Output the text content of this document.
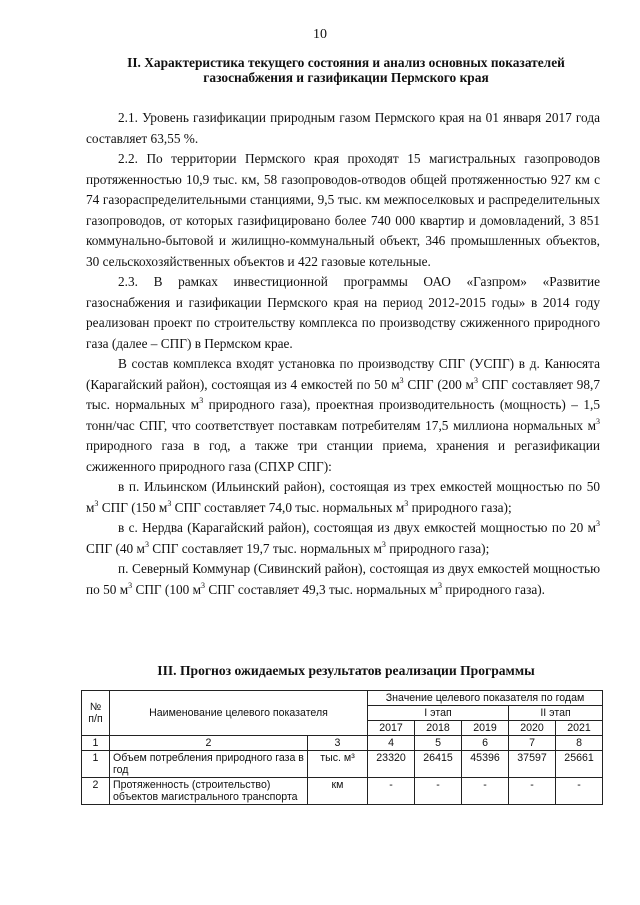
10
II. Характеристика текущего состояния и анализ основных показателей
газоснабжения и газификации Пермского края

2.1. Уровень газификации природным газом Пермского края на 01 января 2017 года составляет 63,55 %.

2.2. По территории Пермского края проходят 15 магистральных газопроводов протяженностью 10,9 тыс. км, 58 газопроводов-отводов общей протяженностью 927 км с 74 газораспределительными станциями, 9,5 тыс. км межпоселковых и распределительных газопроводов, от которых газифицировано более 740 000 квартир и домовладений, 3 851 коммунально-бытовой и жилищно-коммунальный объект, 346 промышленных объектов, 30 сельскохозяйственных объектов и 422 газовые котельные.

2.3. В рамках инвестиционной программы ОАО «Газпром» «Развитие газоснабжения и газификации Пермского края на период 2012-2015 годы» в 2014 году реализован проект по строительству комплекса по производству сжиженного природного газа (далее – СПГ) в Пермском крае.

В состав комплекса входят установка по производству СПГ (УСПГ) в д. Канюсята (Карагайский район), состоящая из 4 емкостей по 50 $м^3$ СПГ (200 $м^3$ СПГ составляет 98,7 тыс. нормальных $м^3$ природного газа), проектная производительность (мощность) – 1,5 тонн/час СПГ, что соответствует поставкам потребителям 17,5 миллиона нормальных $м^3$ природного газа в год, а также три станции приема, хранения и регазификации сжиженного природного газа (СПХР СПГ):

в п. Ильинском (Ильинский район), состоящая из трех емкостей мощностью по 50 $м^3$ СПГ (150 $м^3$ СПГ составляет 74,0 тыс. нормальных $м^3$ природного газа);

в с. Нердва (Карагайский район), состоящая из двух емкостей мощностью по 20 $м^3$ СПГ (40 $м^3$ СПГ составляет 19,7 тыс. нормальных $м^3$ природного газа);

п. Северный Коммунар (Сивинский район), состоящая из двух емкостей мощностью по 50 $м^3$ СПГ (100 $м^3$ СПГ составляет 49,3 тыс. нормальных $м^3$ природного газа).

III. Прогноз ожидаемых результатов реализации Программы
№ п/п	Наименование целевого показателя		Значение целевого показателя по годам				
			I этап			II этап	
			2017	2018	2019	2020	2021
1	2	3	4	5	6	7	8
1	Объем потребления природного газа в год	тыс. м³	23320	26415	45396	37597	25661
2	Протяженность (строительство) объектов магистрального транспорта	км	-	-	-	-	-
